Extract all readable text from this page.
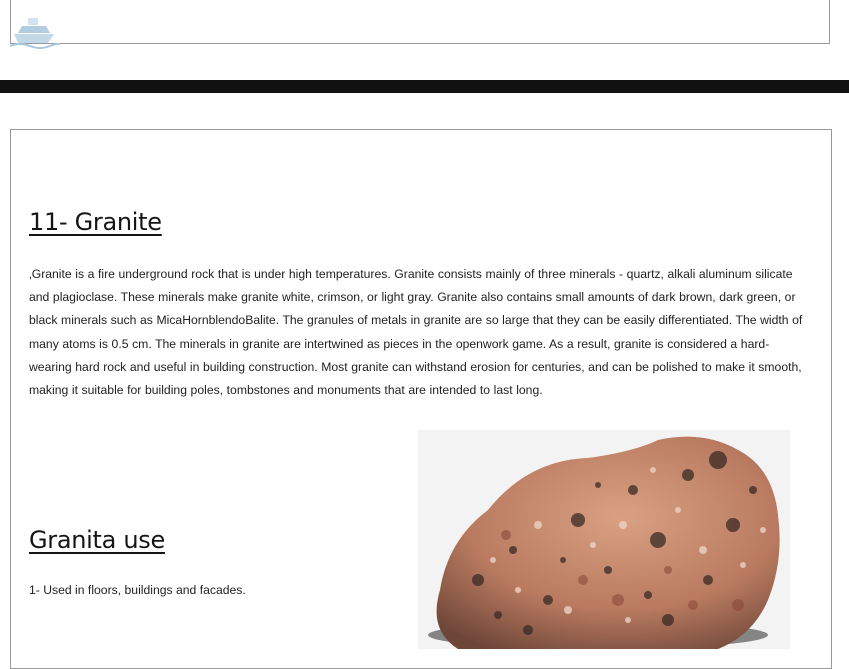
11- Granite

‚Granite is a fire underground rock that is under high temperatures. Granite consists mainly of three minerals - quartz, alkali aluminum silicate and plagioclase. These minerals make granite white, crimson, or light gray. Granite also contains small amounts of dark brown, dark green, or black minerals such as MicaHornblendoBalite. The granules of metals in granite are so large that they can be easily differentiated. The width of many atoms is 0.5 cm. The minerals in granite are intertwined as pieces in the openwork game. As a result, granite is considered a hard-wearing hard rock and useful in building construction. Most granite can withstand erosion for centuries, and can be polished to make it smooth, making it suitable for building poles, tombstones and monuments that are intended to last long.

Granita use

1- Used in floors, buildings and facades.
